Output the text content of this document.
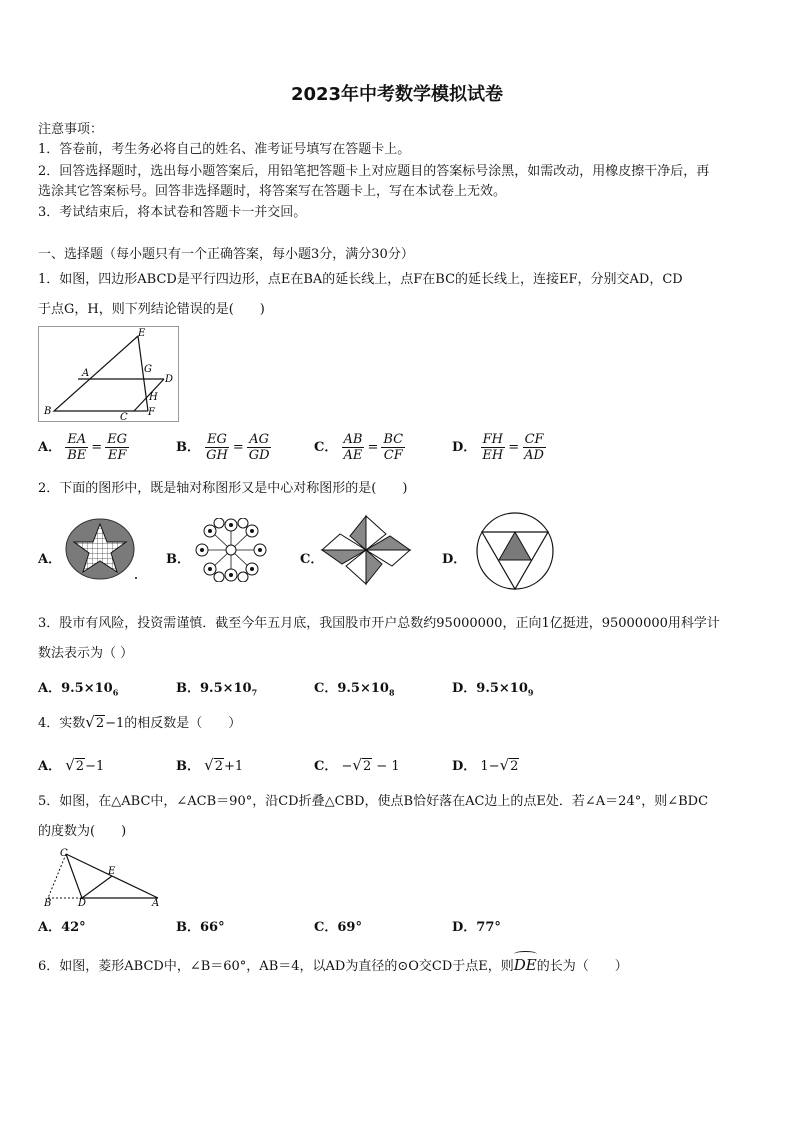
2023年中考数学模拟试卷
注意事项：
1．答卷前，考生务必将自己的姓名、准考证号填写在答题卡上。
2．回答选择题时，选出每小题答案后，用铅笔把答题卡上对应题目的答案标号涂黑，如需改动，用橡皮擦干净后，再
选涂其它答案标号。回答非选择题时，将答案写在答题卡上，写在本试卷上无效。
3．考试结束后，将本试卷和答题卡一并交回。
一、选择题（每小题只有一个正确答案，每小题3分，满分30分）
1．如图，四边形ABCD是平行四边形，点E在BA的延长线上，点F在BC的延长线上，连接EF，分别交AD，CD
于点G，H，则下列结论错误的是(　　)
E
A	G
D
H
B
C F
A． $\frac{EA}{BE} = \frac{EG}{EF}$	B． $\frac{EG}{GH} = \frac{AG}{GD}$	C． $\frac{AB}{AE} = \frac{BC}{CF}$	D． $\frac{FH}{EH} = \frac{CF}{AD}$
2．下面的图形中，既是轴对称图形又是中心对称图形的是(　　)
A．	B．	C．	D．
3．股市有风险，投资需谨慎．截至今年五月底，我国股市开户总数约95000000，正向1亿挺进，95000000用科学计
数法表示为（ ）
A．$9.5\times 10_6$	B．$9.5\times 10_7$	C．$9.5\times 10_8$	D．$9.5\times 10_9$
4．实数√2−1的相反数是（　　）
A． √2−1	B． √2+1	C． −√2 − 1	D． 1−√2
5．如图，在△ABC中，∠ACB＝90°，沿CD折叠△CBD，使点B恰好落在AC边上的点E处．若∠A＝24°，则∠BDC
的度数为(　　)
C
E
B	D	A
A．42°	B．66°	C．69°	D．77°
6．如图，菱形ABCD中，∠B＝60°，AB＝4，以AD为直径的⊙O交CD于点E，则
DE的长为（　　）
